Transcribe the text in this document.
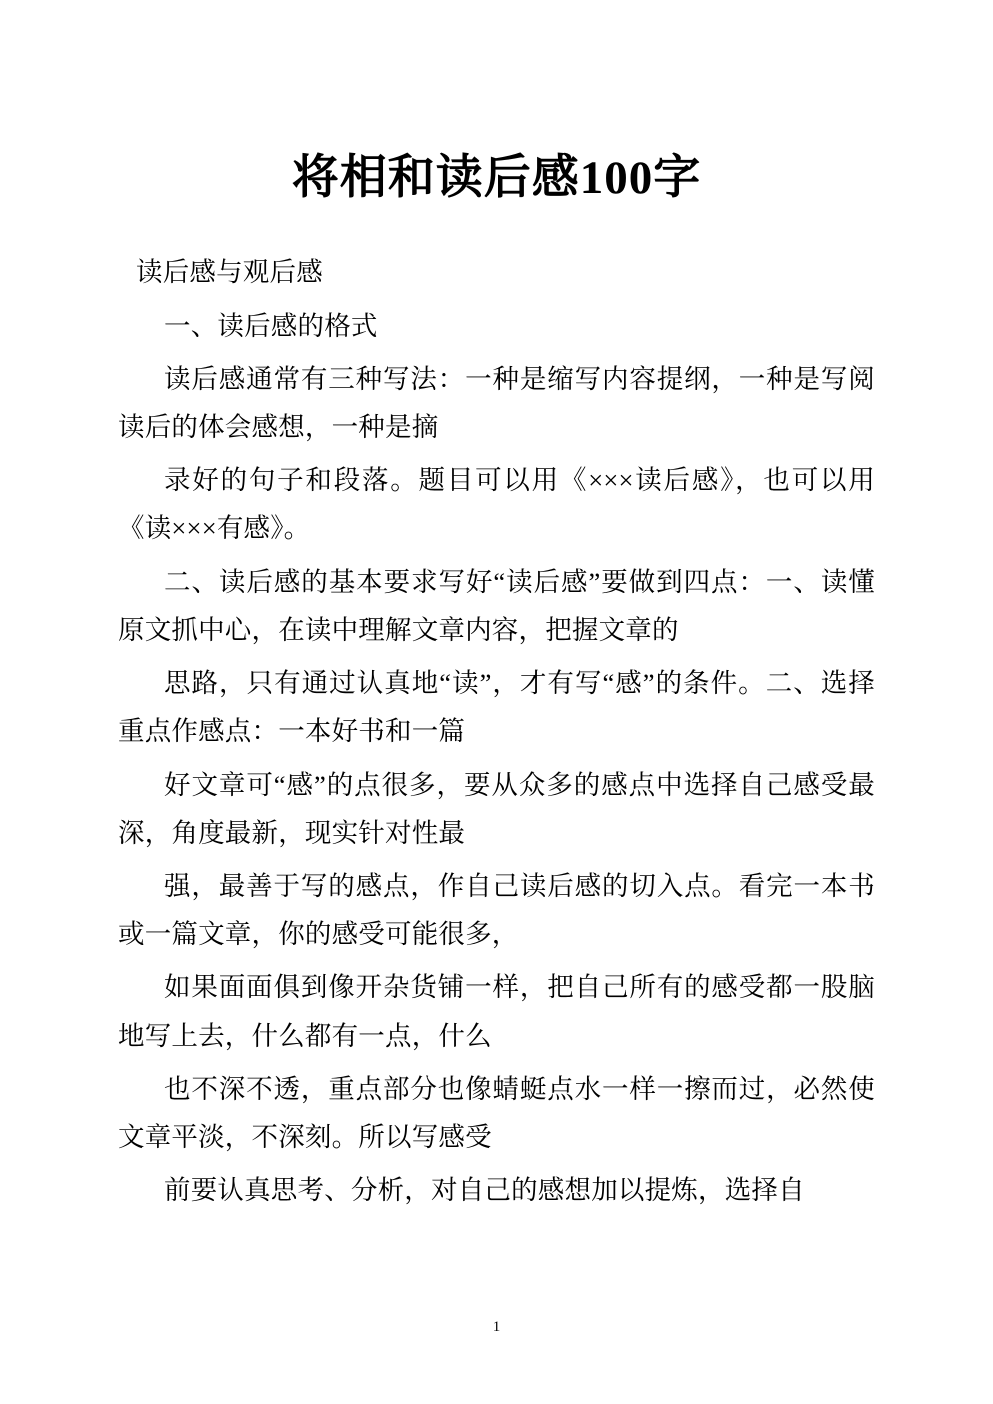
将相和读后感100字

读后感与观后感

一、读后感的格式

读后感通常有三种写法：一种是缩写内容提纲，一种是写阅读后的体会感想，一种是摘

录好的句子和段落。题目可以用《×××读后感》，也可以用《读×××有感》。

二、读后感的基本要求写好“读后感”要做到四点：一、读懂原文抓中心，在读中理解文章内容，把握文章的

思路，只有通过认真地“读”，才有写“感”的条件。二、选择重点作感点：一本好书和一篇

好文章可“感”的点很多，要从众多的感点中选择自己感受最深，角度最新，现实针对性最

强，最善于写的感点，作自己读后感的切入点。看完一本书或一篇文章，你的感受可能很多，

如果面面俱到像开杂货铺一样，把自己所有的感受都一股脑地写上去，什么都有一点，什么

也不深不透，重点部分也像蜻蜓点水一样一擦而过，必然使文章平淡，不深刻。所以写感受

前要认真思考、分析，对自己的感想加以提炼，选择自

1
